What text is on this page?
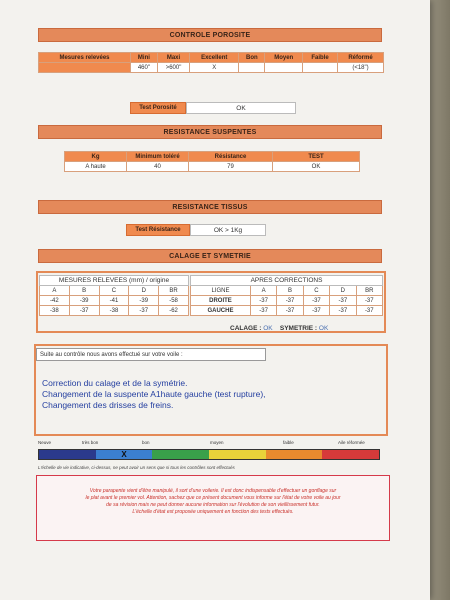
CONTROLE POROSITE
Mesures relevées	Mini	Maxi	Excellent	Bon	Moyen	Faible	Réformé
	460"	>600"	X				(<18")
Test Porosité	OK
RESISTANCE SUSPENTES
Kg	Minimum toléré	Résistance	TEST
A haute	40	79	OK
RESISTANCE TISSUS
Test Résistance	OK > 1Kg
CALAGE ET SYMETRIE
MESURES RELEVEES (mm) / origine				
A	B	C	D	BR
-42	-39	-41	-39	-58
-38	-37	-38	-37	-62
APRES CORRECTIONS					
LIGNE	A	B	C	D	BR
DROITE	-37	-37	-37	-37	-37
GAUCHE	-37	-37	-37	-37	-37
CALAGE : OK SYMETRIE : OK
Suite au contrôle nous avons effectué sur votre voile :
Correction du calage et de la symétrie.
Changement de la suspente A1haute gauche (test rupture),
Changement des drisses de freins.
Neuve	très bon	bon	moyen	faible	Aile réformée
X
L'échelle de vie indicative, ci-dessus, ne peut avoir un sens que si tous les contrôles sont effectués
Votre parapente vient d'être manipulé, il sort d'une voilerie. Il est donc indispensable d'effectuer un gonflage sur
le plat avant le premier vol. Attention, sachez que ce présent document vous informe sur l'état de votre voile au jour
de sa révision mais ne peut donner aucune information sur l'évolution de son vieillissement futur.
L'échelle d'état est proposée uniquement en fonction des tests effectués.
